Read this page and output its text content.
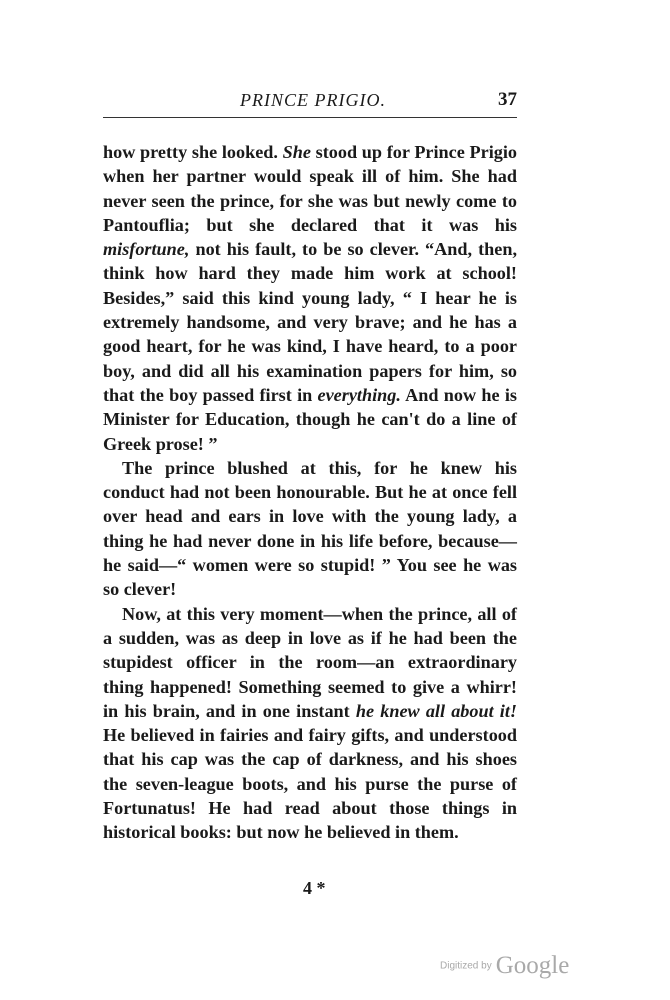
PRINCE PRIGIO.	37

how pretty she looked. She stood up for Prince Prigio when her partner would speak ill of him. She had never seen the prince, for she was but newly come to Pantouflia; but she declared that it was his misfortune, not his fault, to be so clever. “And, then, think how hard they made him work at school! Besides,” said this kind young lady, “ I hear he is extremely handsome, and very brave; and he has a good heart, for he was kind, I have heard, to a poor boy, and did all his examination papers for him, so that the boy passed first in everything. And now he is Minister for Education, though he can't do a line of Greek prose! ”

The prince blushed at this, for he knew his conduct had not been honourable. But he at once fell over head and ears in love with the young lady, a thing he had never done in his life before, because—he said—“ women were so stupid! ” You see he was so clever!

Now, at this very moment—when the prince, all of a sudden, was as deep in love as if he had been the stupidest officer in the room—an extraordinary thing happened! Something seemed to give a whirr! in his brain, and in one instant he knew all about it! He believed in fairies and fairy gifts, and understood that his cap was the cap of darkness, and his shoes the seven-league boots, and his purse the purse of Fortunatus! He had read about those things in historical books: but now he believed in them.

4 *
Digitized by Google
